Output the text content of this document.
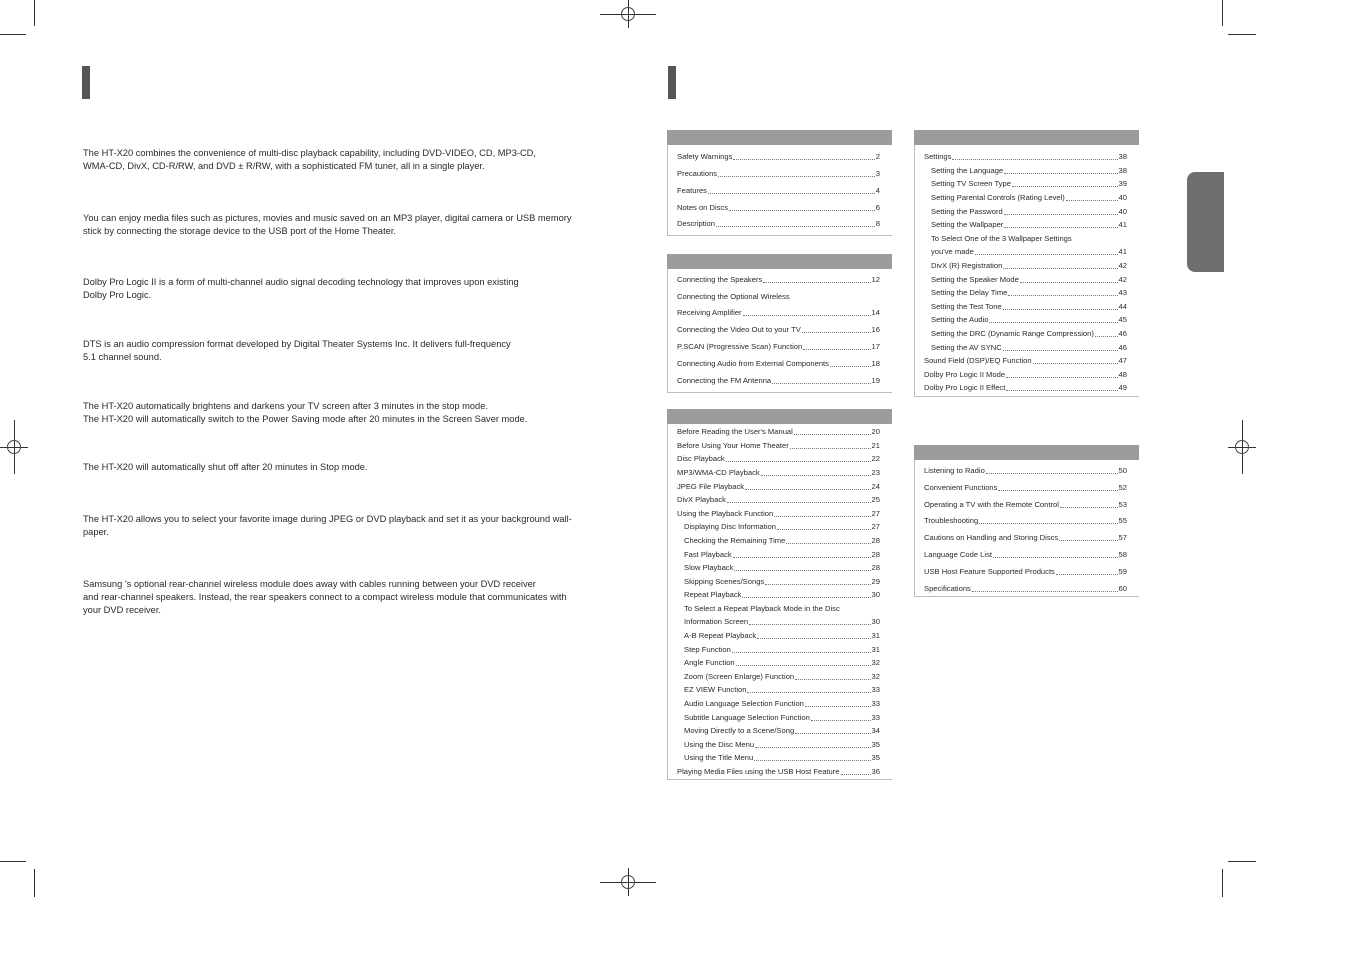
The HT-X20 combines the convenience of multi-disc playback capability, including DVD-VIDEO, CD, MP3-CD,
WMA-CD, DivX, CD-R/RW, and DVD ± R/RW, with a sophisticated FM tuner, all in a single player.

You can enjoy media files such as pictures, movies and music saved on an MP3 player, digital camera or USB memory
stick by connecting the storage device to the USB port of the Home Theater.

Dolby Pro Logic II is a form of multi-channel audio signal decoding technology that improves upon existing
Dolby Pro Logic.

DTS is an audio compression format developed by Digital Theater Systems Inc. It delivers full-frequency
5.1 channel sound.

The HT-X20 automatically brightens and darkens your TV screen after 3 minutes in the stop mode.
The HT-X20 will automatically switch to the Power Saving mode after 20 minutes in the Screen Saver mode.

The HT-X20 will automatically shut off after 20 minutes in Stop mode.

The HT-X20 allows you to select your favorite image during JPEG or DVD playback and set it as your background wall-
paper.

Samsung 's optional rear-channel wireless module does away with cables running between your DVD receiver
and rear-channel speakers. Instead, the rear speakers connect to a compact wireless module that communicates with
your DVD receiver.

Safety Warnings	2
Precautions	3
Features	4
Notes on Discs	6
Description	8
Connecting the Speakers	12
Connecting the Optional Wireless
Receiving Amplifier	14
Connecting the Video Out to your TV	16
P.SCAN (Progressive Scan) Function	17
Connecting Audio from External Components	18
Connecting the FM Antenna	19
Before Reading the User's Manual	20
Before Using Your Home Theater	21
Disc Playback	22
MP3/WMA-CD Playback	23
JPEG File Playback	24
DivX Playback	25
Using the Playback Function	27
Displaying Disc Information	27
Checking the Remaining Time	28
Fast Playback	28
Slow Playback	28
Skipping Scenes/Songs	29
Repeat Playback	30
To Select a Repeat Playback Mode in the Disc
Information Screen	30
A-B Repeat Playback	31
Step Function	31
Angle Function	32
Zoom (Screen Enlarge) Function	32
EZ VIEW Function	33
Audio Language Selection Function	33
Subtitle Language Selection Function	33
Moving Directly to a Scene/Song	34
Using the Disc Menu	35
Using the Title Menu	35
Playing Media Files using the USB Host Feature	36
Settings	38
Setting the Language	38
Setting TV Screen Type	39
Setting Parental Controls (Rating Level)	40
Setting the Password	40
Setting the Wallpaper	41
To Select One of the 3 Wallpaper Settings
you've made	41
DivX (R) Registration	42
Setting the Speaker Mode	42
Setting the Delay Time	43
Setting the Test Tone	44
Setting the Audio	45
Setting the DRC (Dynamic Range Compression)	46
Setting the AV SYNC	46
Sound Field (DSP)/EQ Function	47
Dolby Pro Logic II Mode	48
Dolby Pro Logic II Effect	49
Listening to Radio	50
Convenient Functions	52
Operating a TV with the Remote Control	53
Troubleshooting	55
Cautions on Handling and Storing Discs	57
Language Code List	58
USB Host Feature Supported Products	59
Specifications	60
